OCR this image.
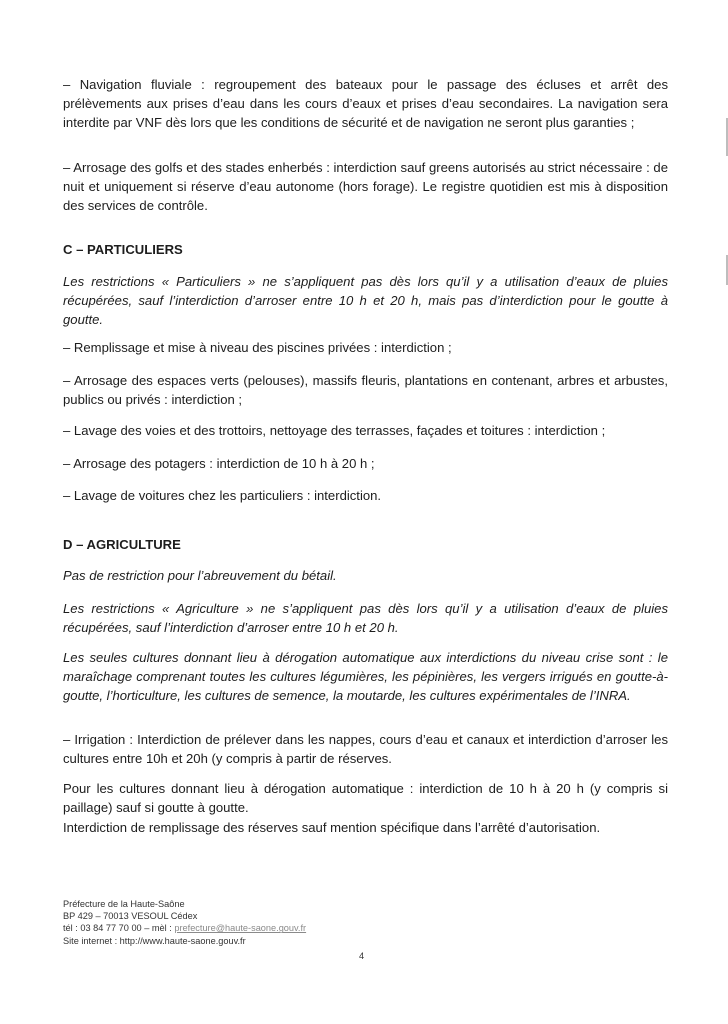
– Navigation fluviale : regroupement des bateaux pour le passage des écluses et arrêt des prélèvements aux prises d’eau dans les cours d’eaux et prises d’eau secondaires. La navigation sera interdite par VNF dès lors que les conditions de sécurité et de navigation ne seront plus garanties ;

– Arrosage des golfs et des stades enherbés : interdiction sauf greens autorisés au strict nécessaire : de nuit et uniquement si réserve d’eau autonome (hors forage). Le registre quotidien est mis à disposition des services de contrôle.

C – PARTICULIERS

Les restrictions « Particuliers » ne s’appliquent pas dès lors qu’il y a utilisation d’eaux de pluies récupérées, sauf l’interdiction d’arroser entre 10 h et 20 h, mais pas d’interdiction pour le goutte à goutte.

– Remplissage et mise à niveau des piscines privées : interdiction ;

– Arrosage des espaces verts (pelouses), massifs fleuris, plantations en contenant, arbres et arbustes, publics ou privés : interdiction ;

– Lavage des voies et des trottoirs, nettoyage des terrasses, façades et toitures : interdiction ;

– Arrosage des potagers : interdiction de 10 h à 20 h ;

– Lavage de voitures chez les particuliers : interdiction.

D – AGRICULTURE

Pas de restriction pour l’abreuvement du bétail.

Les restrictions « Agriculture » ne s’appliquent pas dès lors qu’il y a utilisation d’eaux de pluies récupérées, sauf l’interdiction d’arroser entre 10 h et 20 h.

Les seules cultures donnant lieu à dérogation automatique aux interdictions du niveau crise sont : le maraîchage comprenant toutes les cultures légumières, les pépinières, les vergers irrigués en goutte-à-goutte, l’horticulture, les cultures de semence, la moutarde, les cultures expérimentales de l’INRA.

– Irrigation : Interdiction de prélever dans les nappes, cours d’eau et canaux et interdiction d’arroser les cultures entre 10h et 20h (y compris à partir de réserves.

Pour les cultures donnant lieu à dérogation automatique : interdiction de 10 h à 20 h (y compris si paillage) sauf si goutte à goutte.

Interdiction de remplissage des réserves sauf mention spécifique dans l’arrêté d’autorisation.

Préfecture de la Haute-Saône
BP 429 – 70013 VESOUL Cédex
tél : 03 84 77 70 00 – mèl : prefecture@haute-saone.gouv.fr
Site internet : http://www.haute-saone.gouv.fr
4
